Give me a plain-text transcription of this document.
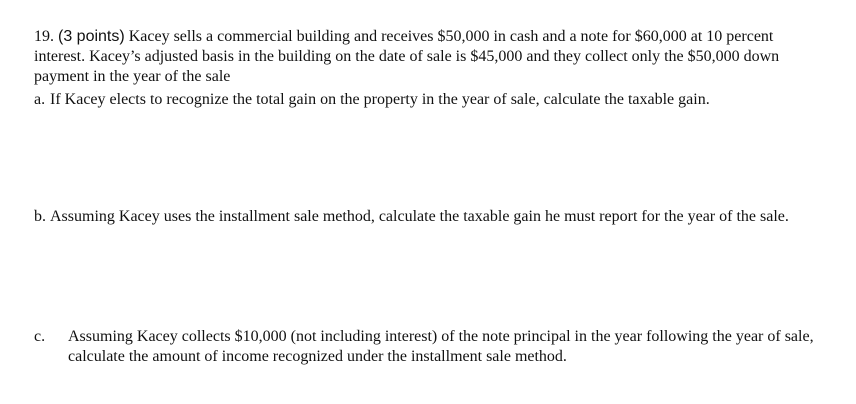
19. (3 points) Kacey sells a commercial building and receives $50,000 in cash and a note for $60,000 at 10 percent interest. Kacey’s adjusted basis in the building on the date of sale is $45,000 and they collect only the $50,000 down payment in the year of the sale
a. If Kacey elects to recognize the total gain on the property in the year of sale, calculate the taxable gain.
b. Assuming Kacey uses the installment sale method, calculate the taxable gain he must report for the year of the sale.
c.	Assuming Kacey collects $10,000 (not including interest) of the note principal in the year following the year of sale, calculate the amount of income recognized under the installment sale method.
